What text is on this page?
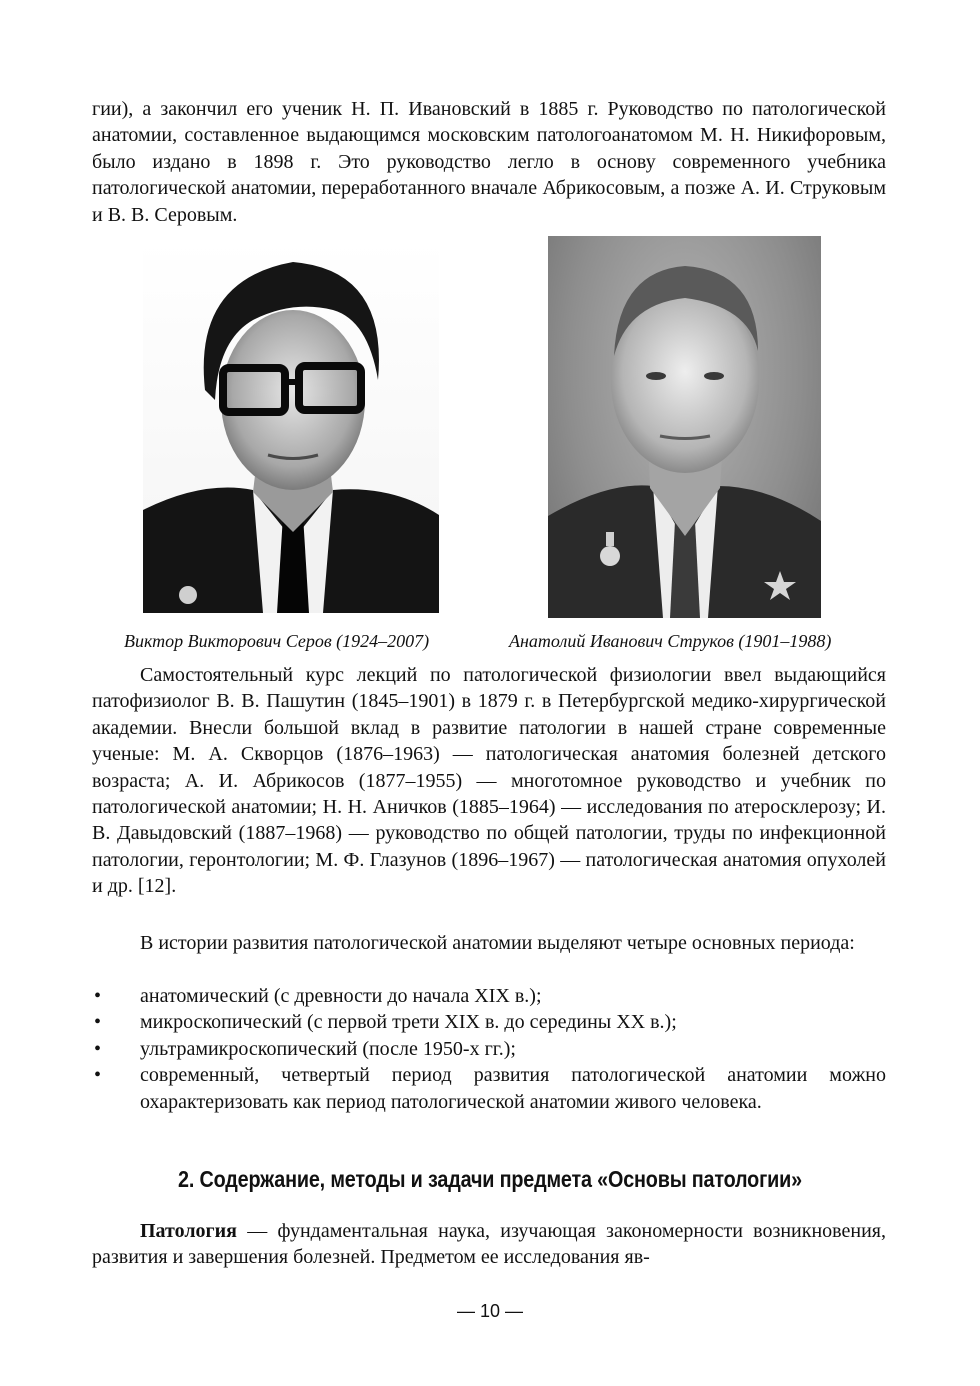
гии), а закончил его ученик Н. П. Ивановский в 1885 г. Руководство по патологической анатомии, составленное выдающимся московским патологоанатомом М. Н. Никифоровым, было издано в 1898 г. Это руководство легло в основу современного учебника патологической анатомии, переработанного вначале Абрикосовым, а позже А. И. Струковым и В. В. Серовым.

Виктор Викторович Серов (1924–2007)	Анатолий Иванович Струков (1901–1988)

Самостоятельный курс лекций по патологической физиологии ввел выдающийся патофизиолог В. В. Пашутин (1845–1901) в 1879 г. в Петербургской медико-хирургической академии. Внесли большой вклад в развитие патологии в нашей стране современные ученые: М. А. Скворцов (1876–1963) — патологическая анатомия болезней детского возраста; А. И. Абрикосов (1877–1955) — многотомное руководство и учебник по патологической анатомии; Н. Н. Аничков (1885–1964) — исследования по атеросклерозу; И. В. Давыдовский (1887–1968) — руководство по общей патологии, труды по инфекционной патологии, геронтологии; М. Ф. Глазунов (1896–1967) — патологическая анатомия опухолей и др. [12].

В истории развития патологической анатомии выделяют четыре основных периода:

• анатомический (с древности до начала XIX в.);
• микроскопический (с первой трети XIX в. до середины XX в.);
• ультрамикроскопический (после 1950-х гг.);
• современный, четвертый период развития патологической анатомии можно охарактеризовать как период патологической анатомии живого человека.
2. Содержание, методы и задачи предмета «Основы патологии»

Патология — фундаментальная наука, изучающая закономерности возникновения, развития и завершения болезней. Предметом ее исследования яв-

— 10 —
